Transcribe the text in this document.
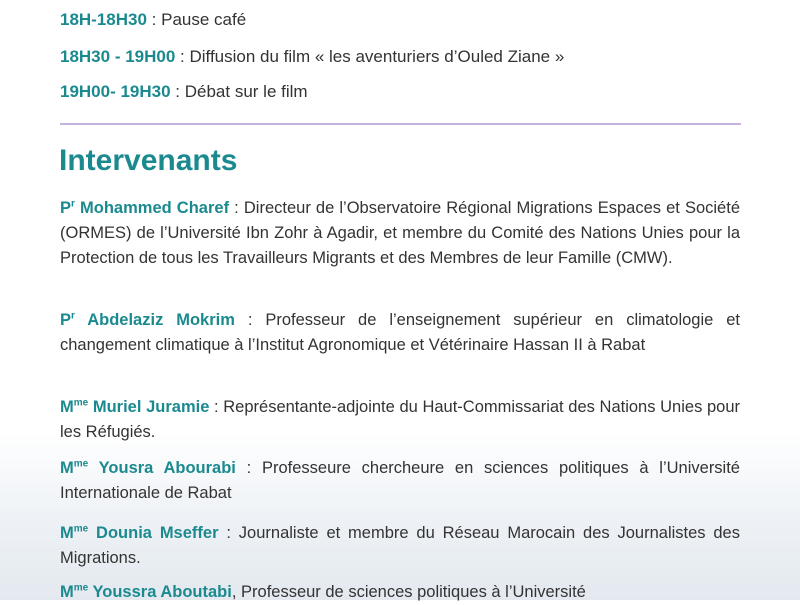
18H-18H30 : Pause café
18H30 - 19H00 : Diffusion du film « les aventuriers d’Ouled Ziane »
19H00- 19H30 : Débat sur le film
Intervenants

$P^r$ Mohammed Charef : Directeur de l’Observatoire Régional Migrations Espaces et Société (ORMES) de l’Université Ibn Zohr à Agadir, et membre du Comité des Nations Unies pour la Protection de tous les Travailleurs Migrants et des Membres de leur Famille (CMW).

$P^r$ Abdelaziz Mokrim : Professeur de l’enseignement supérieur en climatologie et changement climatique à l’Institut Agronomique et Vétérinaire Hassan II à Rabat

$M^{me}$ Muriel Juramie : Représentante-adjointe du Haut-Commissariat des Nations Unies pour les Réfugiés.

$M^{me}$ Yousra Abourabi : Professeure chercheure en sciences politiques à l’Université Internationale de Rabat

$M^{me}$ Dounia Mseffer : Journaliste et membre du Réseau Marocain des Journalistes des Migrations.

$M^{me}$ Youssra Aboutabi, Professeur de sciences politiques à l’Université
